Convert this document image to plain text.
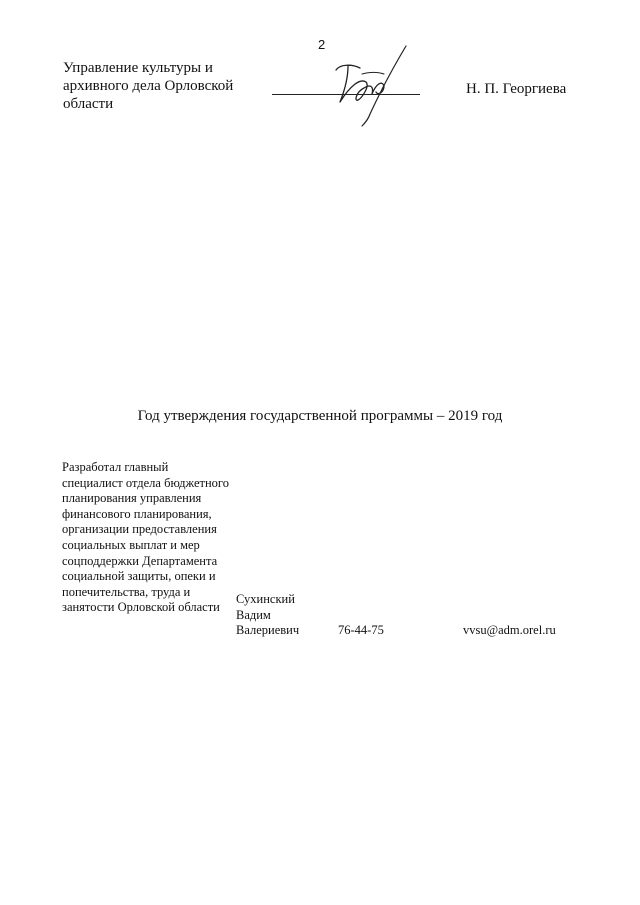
2

Управление культуры и архивного дела Орловской области

Н. П. Георгиева
Год утверждения государственной программы – 2019 год
Разработал главный специалист отдела бюджетного планирования управления финансового планирования, организации предоставления социальных выплат и мер соцподдержки Департамента социальной защиты, опеки и попечительства, труда и занятости Орловской области
Сухинский Вадим Валериевич	76-44-75	vvsu@adm.orel.ru
